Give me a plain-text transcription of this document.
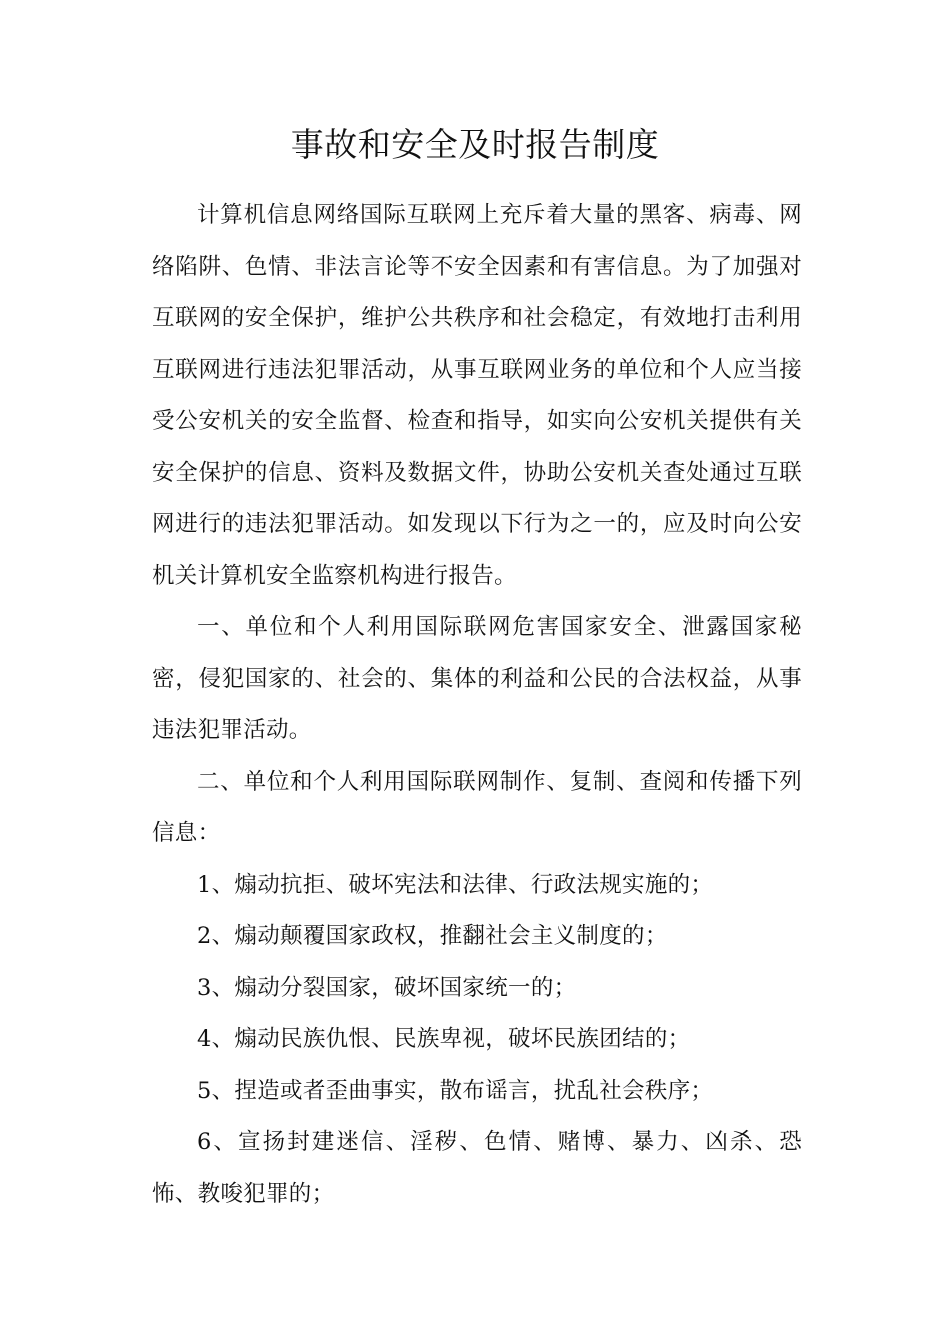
事故和安全及时报告制度

计算机信息网络国际互联网上充斥着大量的黑客、病毒、网络陷阱、色情、非法言论等不安全因素和有害信息。为了加强对互联网的安全保护，维护公共秩序和社会稳定，有效地打击利用互联网进行违法犯罪活动，从事互联网业务的单位和个人应当接受公安机关的安全监督、检查和指导，如实向公安机关提供有关安全保护的信息、资料及数据文件，协助公安机关查处通过互联网进行的违法犯罪活动。如发现以下行为之一的，应及时向公安机关计算机安全监察机构进行报告。

一、单位和个人利用国际联网危害国家安全、泄露国家秘密，侵犯国家的、社会的、集体的利益和公民的合法权益，从事违法犯罪活动。

二、单位和个人利用国际联网制作、复制、查阅和传播下列信息：

1、煽动抗拒、破坏宪法和法律、行政法规实施的；

2、煽动颠覆国家政权，推翻社会主义制度的；

3、煽动分裂国家，破坏国家统一的；

4、煽动民族仇恨、民族卑视，破坏民族团结的；

5、捏造或者歪曲事实，散布谣言，扰乱社会秩序；

6、宣扬封建迷信、淫秽、色情、赌博、暴力、凶杀、恐怖、教唆犯罪的；
